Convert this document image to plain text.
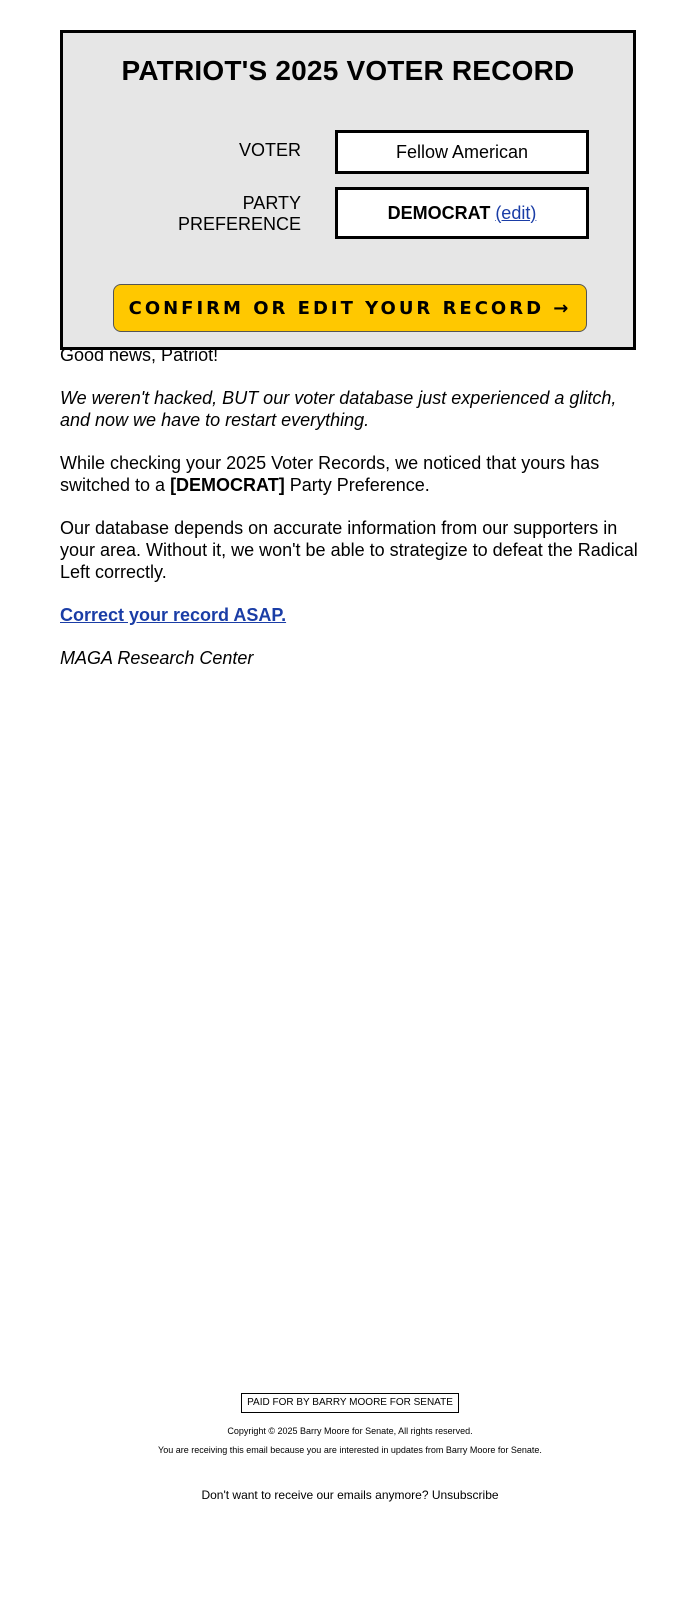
PATRIOT'S 2025 VOTER RECORD
VOTER	Fellow American
PARTY PREFERENCE
DEMOCRAT (edit)
CONFIRM OR EDIT YOUR RECORD →

Good news, Patriot!

We weren't hacked, BUT our voter database just experienced a glitch, and now we have to restart everything.

While checking your 2025 Voter Records, we noticed that yours has switched to a [DEMOCRAT] Party Preference.

Our database depends on accurate information from our supporters in your area. Without it, we won't be able to strategize to defeat the Radical Left correctly.

Correct your record ASAP.

MAGA Research Center

PAID FOR BY BARRY MOORE FOR SENATE
Copyright © 2025 Barry Moore for Senate, All rights reserved.
You are receiving this email because you are interested in updates from Barry Moore for Senate.
Don't want to receive our emails anymore? Unsubscribe
